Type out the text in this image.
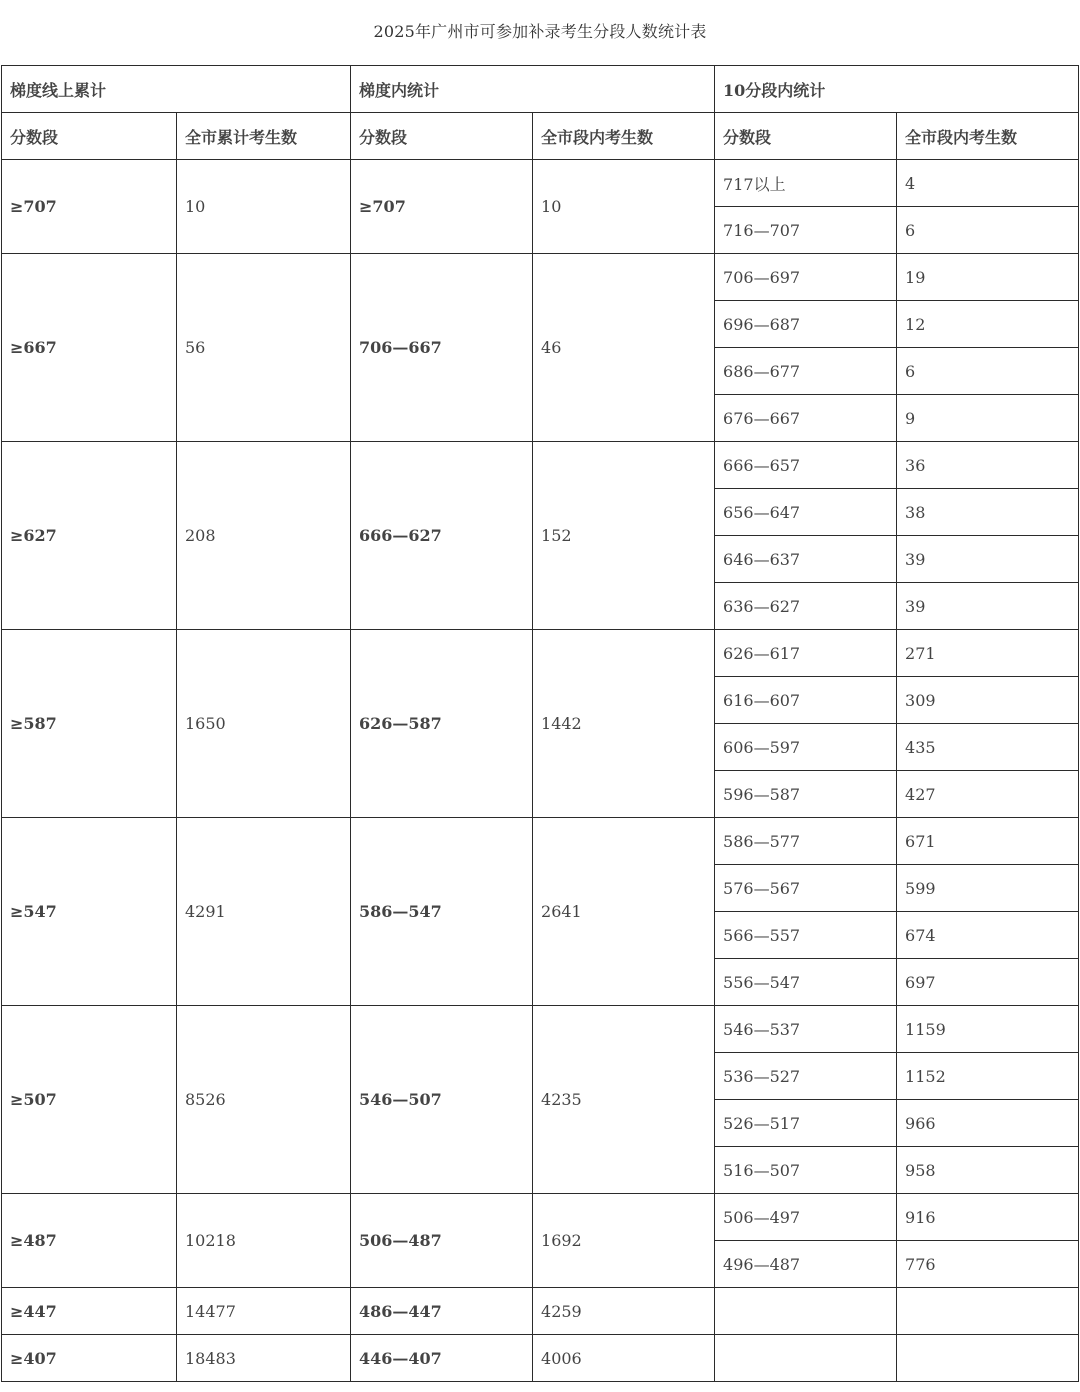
2025年广州市可参加补录考生分段人数统计表
梯度线上累计		梯度内统计		10分段内统计	
分数段	全市累计考生数	分数段	全市段内考生数	分数段	全市段内考生数
≥707	10	≥707	10	717以上	4
				716—707	6
≥667	56	706—667	46	706—697	19
				696—687	12
				686—677	6
				676—667	9
≥627	208	666—627	152	666—657	36
				656—647	38
				646—637	39
				636—627	39
≥587	1650	626—587	1442	626—617	271
				616—607	309
				606—597	435
				596—587	427
≥547	4291	586—547	2641	586—577	671
				576—567	599
				566—557	674
				556—547	697
≥507	8526	546—507	4235	546—537	1159
				536—527	1152
				526—517	966
				516—507	958
≥487	10218	506—487	1692	506—497	916
				496—487	776
≥447	14477	486—447	4259		
≥407	18483	446—407	4006		
